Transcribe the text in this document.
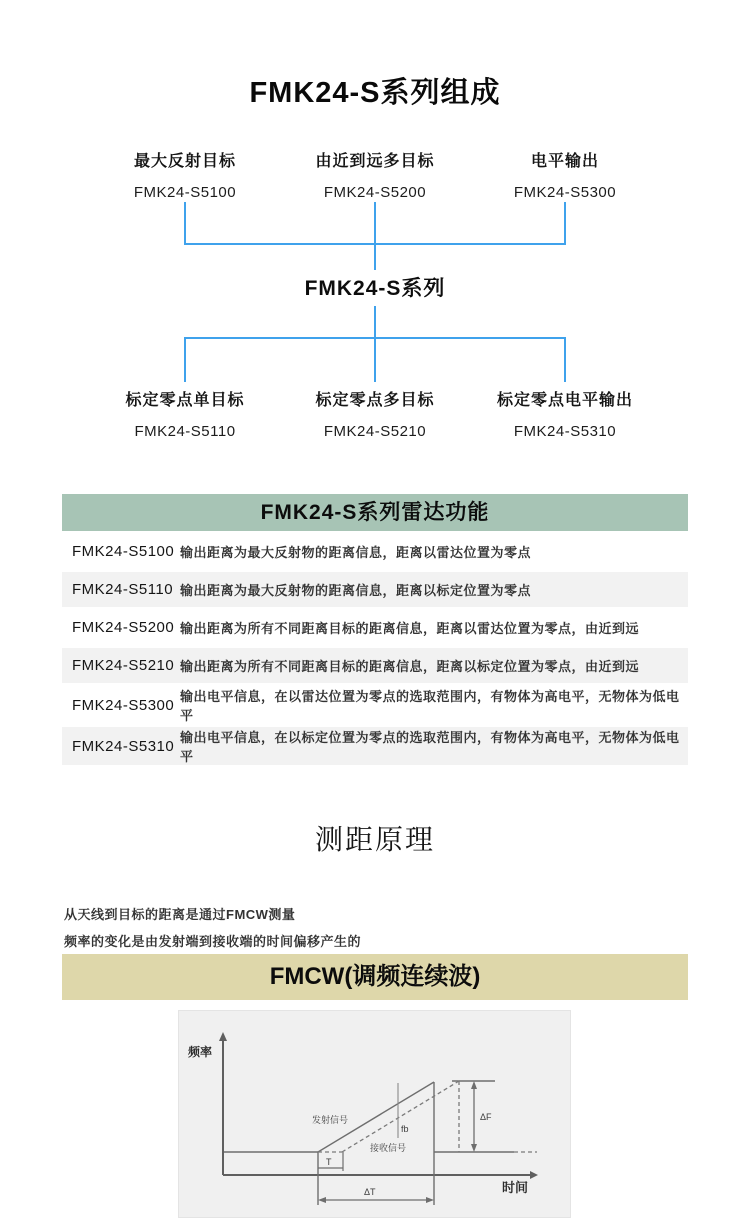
FMK24-S系列组成
最大反射目标
FMK24-S5100
由近到远多目标
FMK24-S5200
电平输出
FMK24-S5300
FMK24-S系列
标定零点单目标
FMK24-S5110
标定零点多目标
FMK24-S5210
标定零点电平输出
FMK24-S5310
FMK24-S系列雷达功能
FMK24-S5100 输出距离为最大反射物的距离信息，距离以雷达位置为零点
FMK24-S5110 输出距离为最大反射物的距离信息，距离以标定位置为零点
FMK24-S5200 输出距离为所有不同距离目标的距离信息，距离以雷达位置为零点，由近到远
FMK24-S5210 输出距离为所有不同距离目标的距离信息，距离以标定位置为零点，由近到远
FMK24-S5300 输出电平信息，在以雷达位置为零点的选取范围内，有物体为高电平，无物体为低电平
FMK24-S5310 输出电平信息，在以标定位置为零点的选取范围内，有物体为高电平，无物体为低电平
测距原理
从天线到目标的距离是通过FMCW测量
频率的变化是由发射端到接收端的时间偏移产生的
FMCW(调频连续波)
频率
时间
fb
ΔF
T
ΔT
发射信号
接收信号
